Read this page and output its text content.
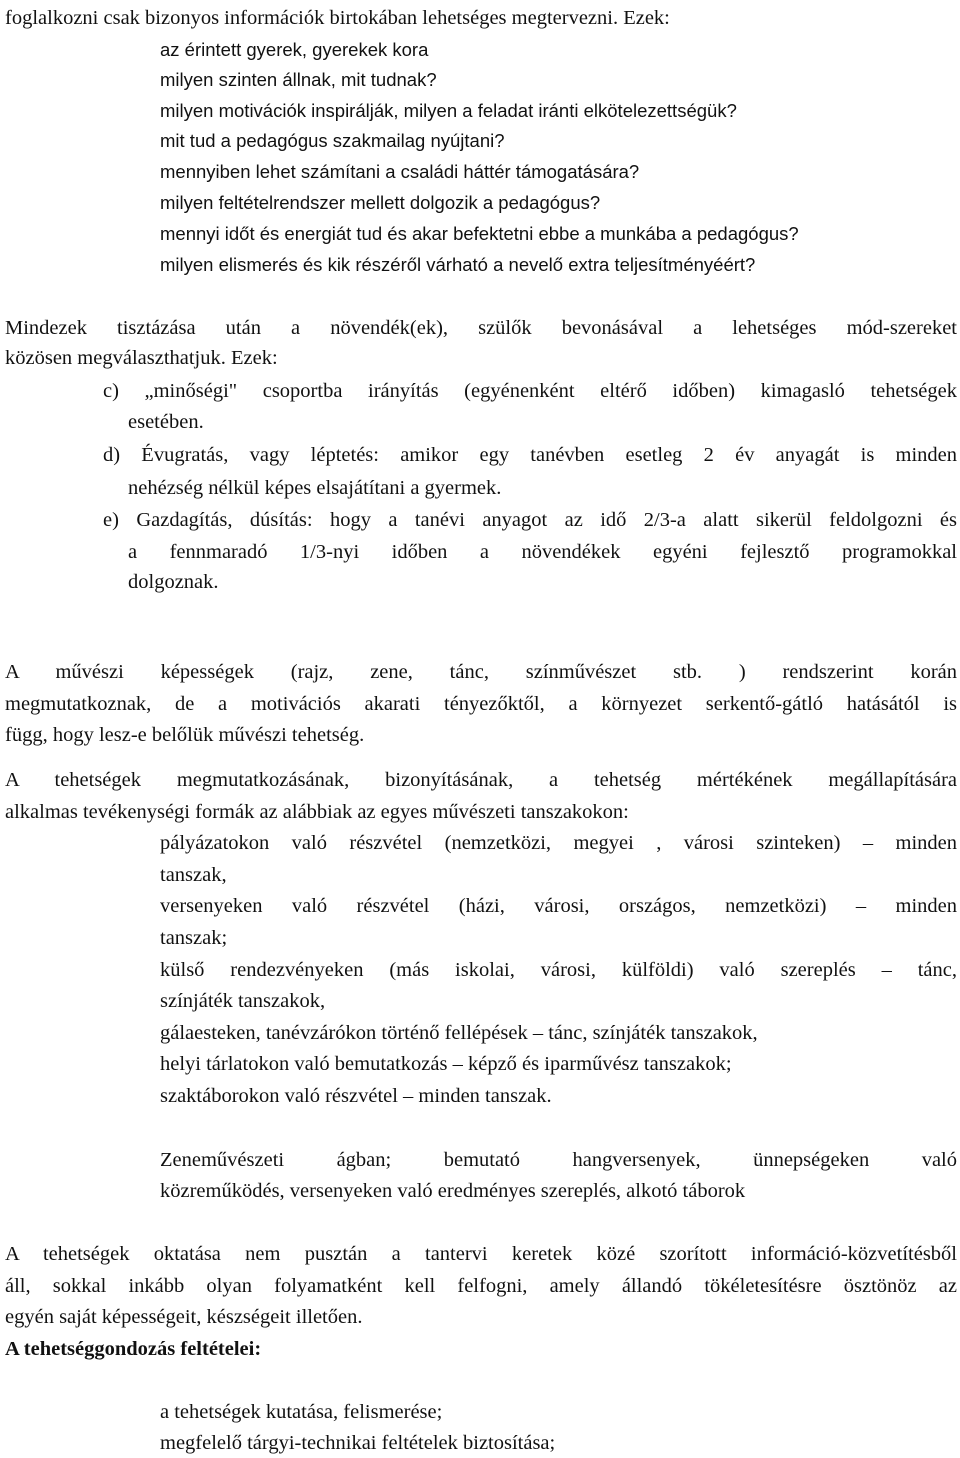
foglalkozni csak bizonyos információk birtokában lehetséges megtervezni. Ezek:
az érintett gyerek, gyerekek kora
milyen szinten állnak, mit tudnak?
milyen motivációk inspirálják, milyen a feladat iránti elkötelezettségük?
mit tud a pedagógus szakmailag nyújtani?
mennyiben lehet számítani a családi háttér támogatására?
milyen feltételrendszer mellett dolgozik a pedagógus?
mennyi időt és energiát tud és akar befektetni ebbe a munkába a pedagógus?
milyen elismerés és kik részéről várható a nevelő extra teljesítményéért?
Mindezek tisztázása után a növendék(ek), szülők bevonásával a lehetséges mód-szereket
közösen megválaszthatjuk. Ezek:
c) „minőségi" csoportba irányítás (egyénenként eltérő időben) kimagasló tehetségek
esetében.
d) Évugratás, vagy léptetés: amikor egy tanévben esetleg 2 év anyagát is minden
nehézség nélkül képes elsajátítani a gyermek.
e) Gazdagítás, dúsítás: hogy a tanévi anyagot az idő 2/3-a alatt sikerül feldolgozni és
a fennmaradó 1/3-nyi időben a növendékek egyéni fejlesztő programokkal
dolgoznak.
A művészi képességek (rajz, zene, tánc, színművészet stb. ) rendszerint korán
megmutatkoznak, de a motivációs akarati tényezőktől, a környezet serkentő-gátló hatásától is
függ, hogy lesz-e belőlük művészi tehetség.
A tehetségek megmutatkozásának, bizonyításának, a tehetség mértékének megállapítására
alkalmas tevékenységi formák az alábbiak az egyes művészeti tanszakokon:
pályázatokon való részvétel (nemzetközi, megyei , városi szinteken) – minden
tanszak,
versenyeken való részvétel (házi, városi, országos, nemzetközi) – minden
tanszak;
külső rendezvényeken (más iskolai, városi, külföldi) való szereplés – tánc,
színjáték tanszakok,
gálaesteken, tanévzárókon történő fellépések – tánc, színjáték tanszakok,
helyi tárlatokon való bemutatkozás – képző és iparművész tanszakok;
szaktáborokon való részvétel – minden tanszak.
Zeneművészeti ágban; bemutató hangversenyek, ünnepségeken való
közreműködés, versenyeken való eredményes szereplés, alkotó táborok
A tehetségek oktatása nem pusztán a tantervi keretek közé szorított információ-közvetítésből
áll, sokkal inkább olyan folyamatként kell felfogni, amely állandó tökéletesítésre ösztönöz az
egyén saját képességeit, készségeit illetően.
A tehetséggondozás feltételei:
a tehetségek kutatása, felismerése;
megfelelő tárgyi-technikai feltételek biztosítása;
